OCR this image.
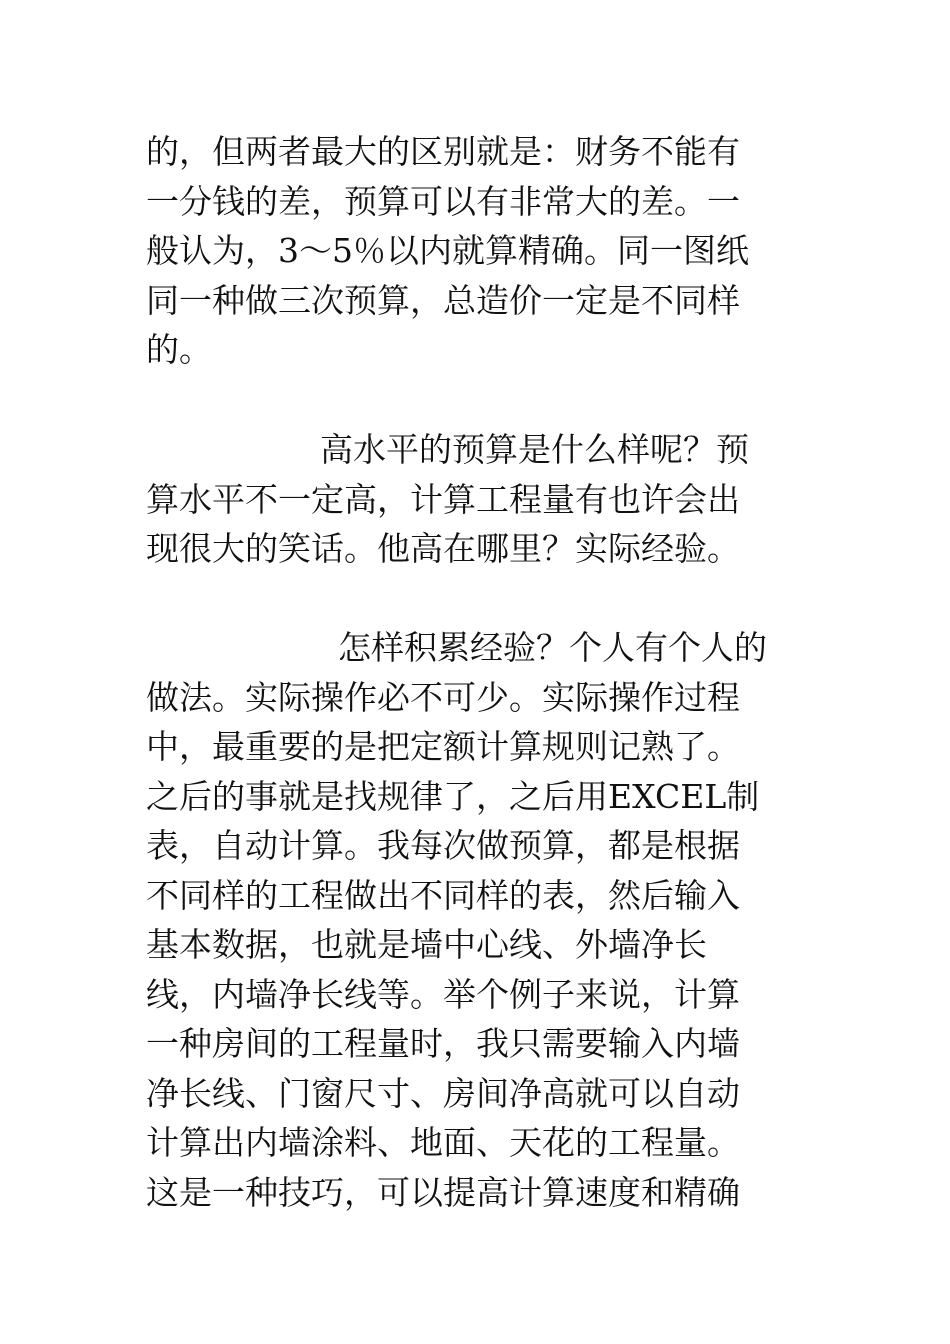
的，但两者最大的区别就是：财务不能有
一分钱的差，预算可以有非常大的差。一
般认为，3～5％以内就算精确。同一图纸
同一种做三次预算，总造价一定是不同样
的。
高水平的预算是什么样呢？预
算水平不一定高，计算工程量有也许会出
现很大的笑话。他高在哪里？实际经验。
怎样积累经验？个人有个人的
做法。实际操作必不可少。实际操作过程
中，最重要的是把定额计算规则记熟了。
之后的事就是找规律了，之后用EXCEL制
表，自动计算。我每次做预算，都是根据
不同样的工程做出不同样的表，然后输入
基本数据，也就是墙中心线、外墙净长
线，内墙净长线等。举个例子来说，计算
一种房间的工程量时，我只需要输入内墙
净长线、门窗尺寸、房间净高就可以自动
计算出内墙涂料、地面、天花的工程量。
这是一种技巧，可以提高计算速度和精确
